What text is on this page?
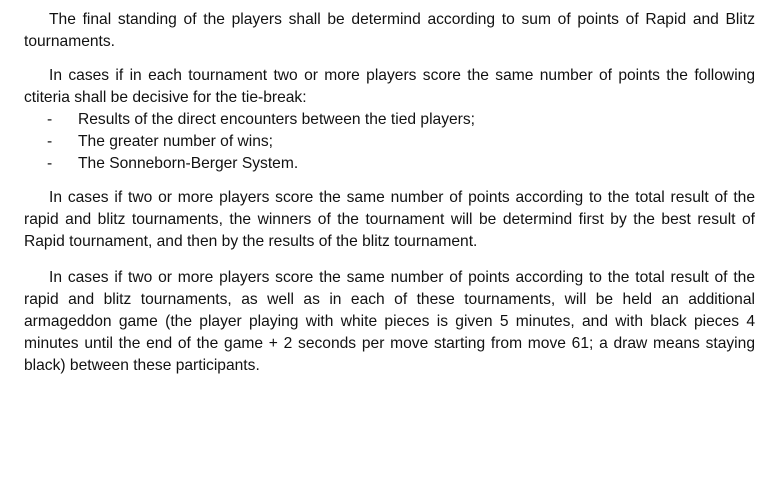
The final standing of the players shall be determind according to sum of points of Rapid and Blitz tournaments.

In cases if in each tournament two or more players score the same number of points the following ctiteria shall be decisive for the tie-break:

- Results of the direct encounters between the tied players;
- The greater number of wins;
- The Sonneborn-Berger System.

In cases if two or more players score the same number of points according to the total result of the rapid and blitz tournaments, the winners of the tournament will be determind first by the best result of Rapid tournament, and then by the results of the blitz tournament.

In cases if two or more players score the same number of points according to the total result of the rapid and blitz tournaments, as well as in each of these tournaments, will be held an additional armageddon game (the player playing with white pieces is given 5 minutes, and with black pieces 4 minutes until the end of the game + 2 seconds per move starting from move 61; a draw means staying black) between these participants.
